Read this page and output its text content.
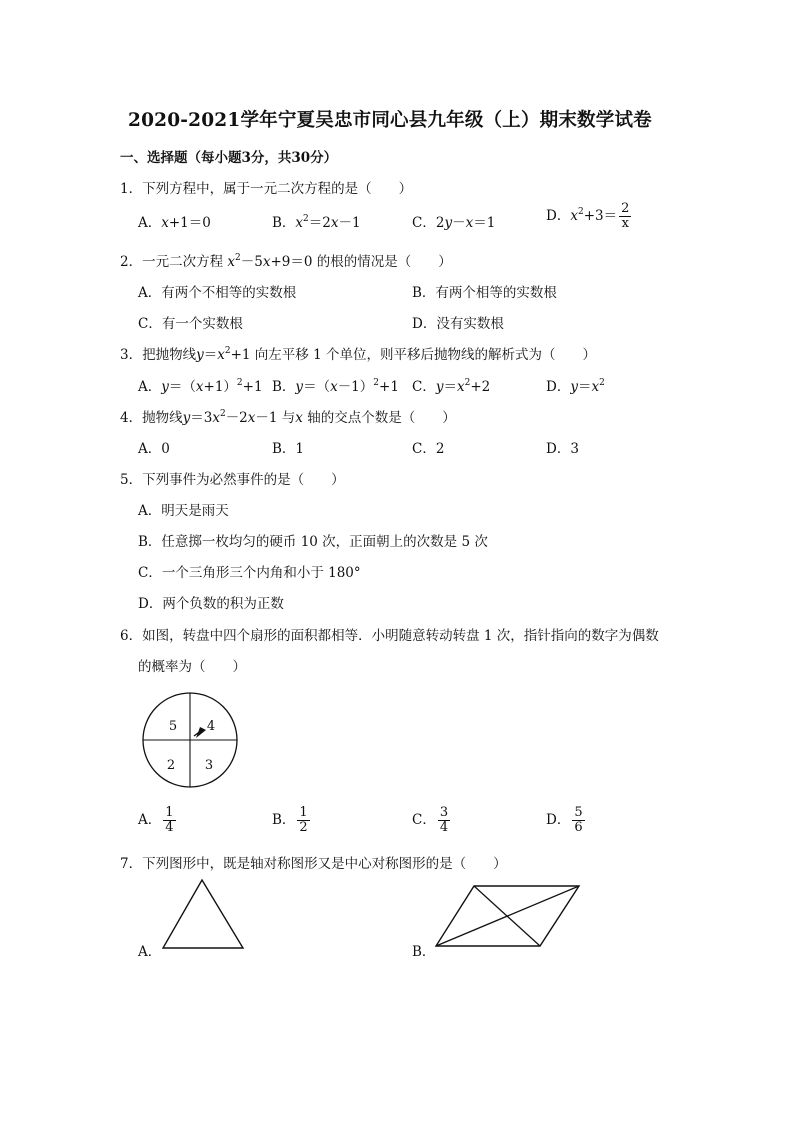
2020-2021学年宁夏吴忠市同心县九年级（上）期末数学试卷
一、选择题（每小题3分，共30分）
1．下列方程中，属于一元二次方程的是（　　）
A．x+1＝0	B．$x^2=2x-1$	C．2y－x＝1	D．$x^2+3= \frac{2}{x}$
2．一元二次方程 $x^2-5x+9=0$ 的根的情况是（　　）
A．有两个不相等的实数根	B．有两个相等的实数根
C．有一个实数根	D．没有实数根
3．把抛物线$y=x^2+1$ 向左平移 1 个单位，则平移后抛物线的解析式为（　　）
A．$y=(x+1)^2+1$ B．$y=(x-1)^2+1$ C．$y=x^2+2$	D．$y=x^2$
4．抛物线$y=3x^2-2x-1$ 与x 轴的交点个数是（　　）
A．0	B．1	C．2	D．3
5．下列事件为必然事件的是（　　）
A．明天是雨天
B．任意掷一枚均匀的硬币 10 次，正面朝上的次数是 5 次
C．一个三角形三个内角和小于 180°
D．两个负数的积为正数
6．如图，转盘中四个扇形的面积都相等．小明随意转动转盘 1 次，指针指向的数字为偶数
的概率为（　　）
5 4
2 3
A． $\frac{1}{4}$	B． $\frac{1}{2}$	C． $\frac{3}{4}$	D． $\frac{5}{6}$
7．下列图形中，既是轴对称图形又是中心对称图形的是（　　）
A．	B．
